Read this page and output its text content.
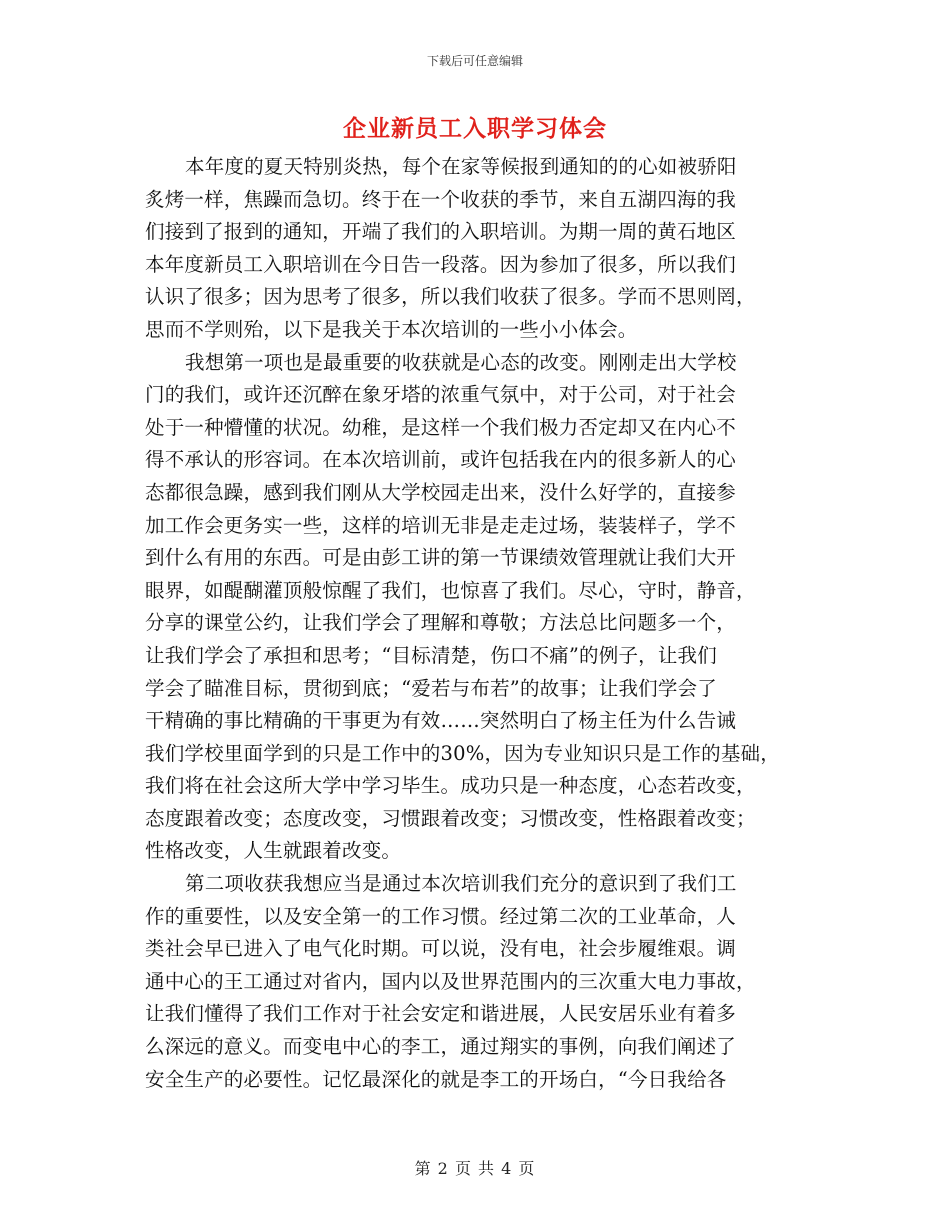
下载后可任意编辑
企业新员工入职学习体会
本年度的夏天特别炎热，每个在家等候报到通知的的心如被骄阳
炙烤一样，焦躁而急切。终于在一个收获的季节，来自五湖四海的我
们接到了报到的通知，开端了我们的入职培训。为期一周的黄石地区
本年度新员工入职培训在今日告一段落。因为参加了很多，所以我们
认识了很多；因为思考了很多，所以我们收获了很多。学而不思则罔，
思而不学则殆，以下是我关于本次培训的一些小小体会。
我想第一项也是最重要的收获就是心态的改变。刚刚走出大学校
门的我们，或许还沉醉在象牙塔的浓重气氛中，对于公司，对于社会
处于一种懵懂的状况。幼稚，是这样一个我们极力否定却又在内心不
得不承认的形容词。在本次培训前，或许包括我在内的很多新人的心
态都很急躁，感到我们刚从大学校园走出来，没什么好学的，直接参
加工作会更务实一些，这样的培训无非是走走过场，装装样子，学不
到什么有用的东西。可是由彭工讲的第一节课绩效管理就让我们大开
眼界，如醍醐灌顶般惊醒了我们，也惊喜了我们。尽心，守时，静音，
分享的课堂公约，让我们学会了理解和尊敬；方法总比问题多一个，
让我们学会了承担和思考；“目标清楚，伤口不痛”的例子，让我们
学会了瞄准目标，贯彻到底；“爱若与布若”的故事；让我们学会了
干精确的事比精确的干事更为有效……突然明白了杨主任为什么告诫
我们学校里面学到的只是工作中的30%，因为专业知识只是工作的基础，
我们将在社会这所大学中学习毕生。成功只是一种态度，心态若改变，
态度跟着改变；态度改变，习惯跟着改变；习惯改变，性格跟着改变；
性格改变，人生就跟着改变。
第二项收获我想应当是通过本次培训我们充分的意识到了我们工
作的重要性，以及安全第一的工作习惯。经过第二次的工业革命，人
类社会早已进入了电气化时期。可以说，没有电，社会步履维艰。调
通中心的王工通过对省内，国内以及世界范围内的三次重大电力事故，
让我们懂得了我们工作对于社会安定和谐进展，人民安居乐业有着多
么深远的意义。而变电中心的李工，通过翔实的事例，向我们阐述了
安全生产的必要性。记忆最深化的就是李工的开场白，“今日我给各
第 2 页 共 4 页
